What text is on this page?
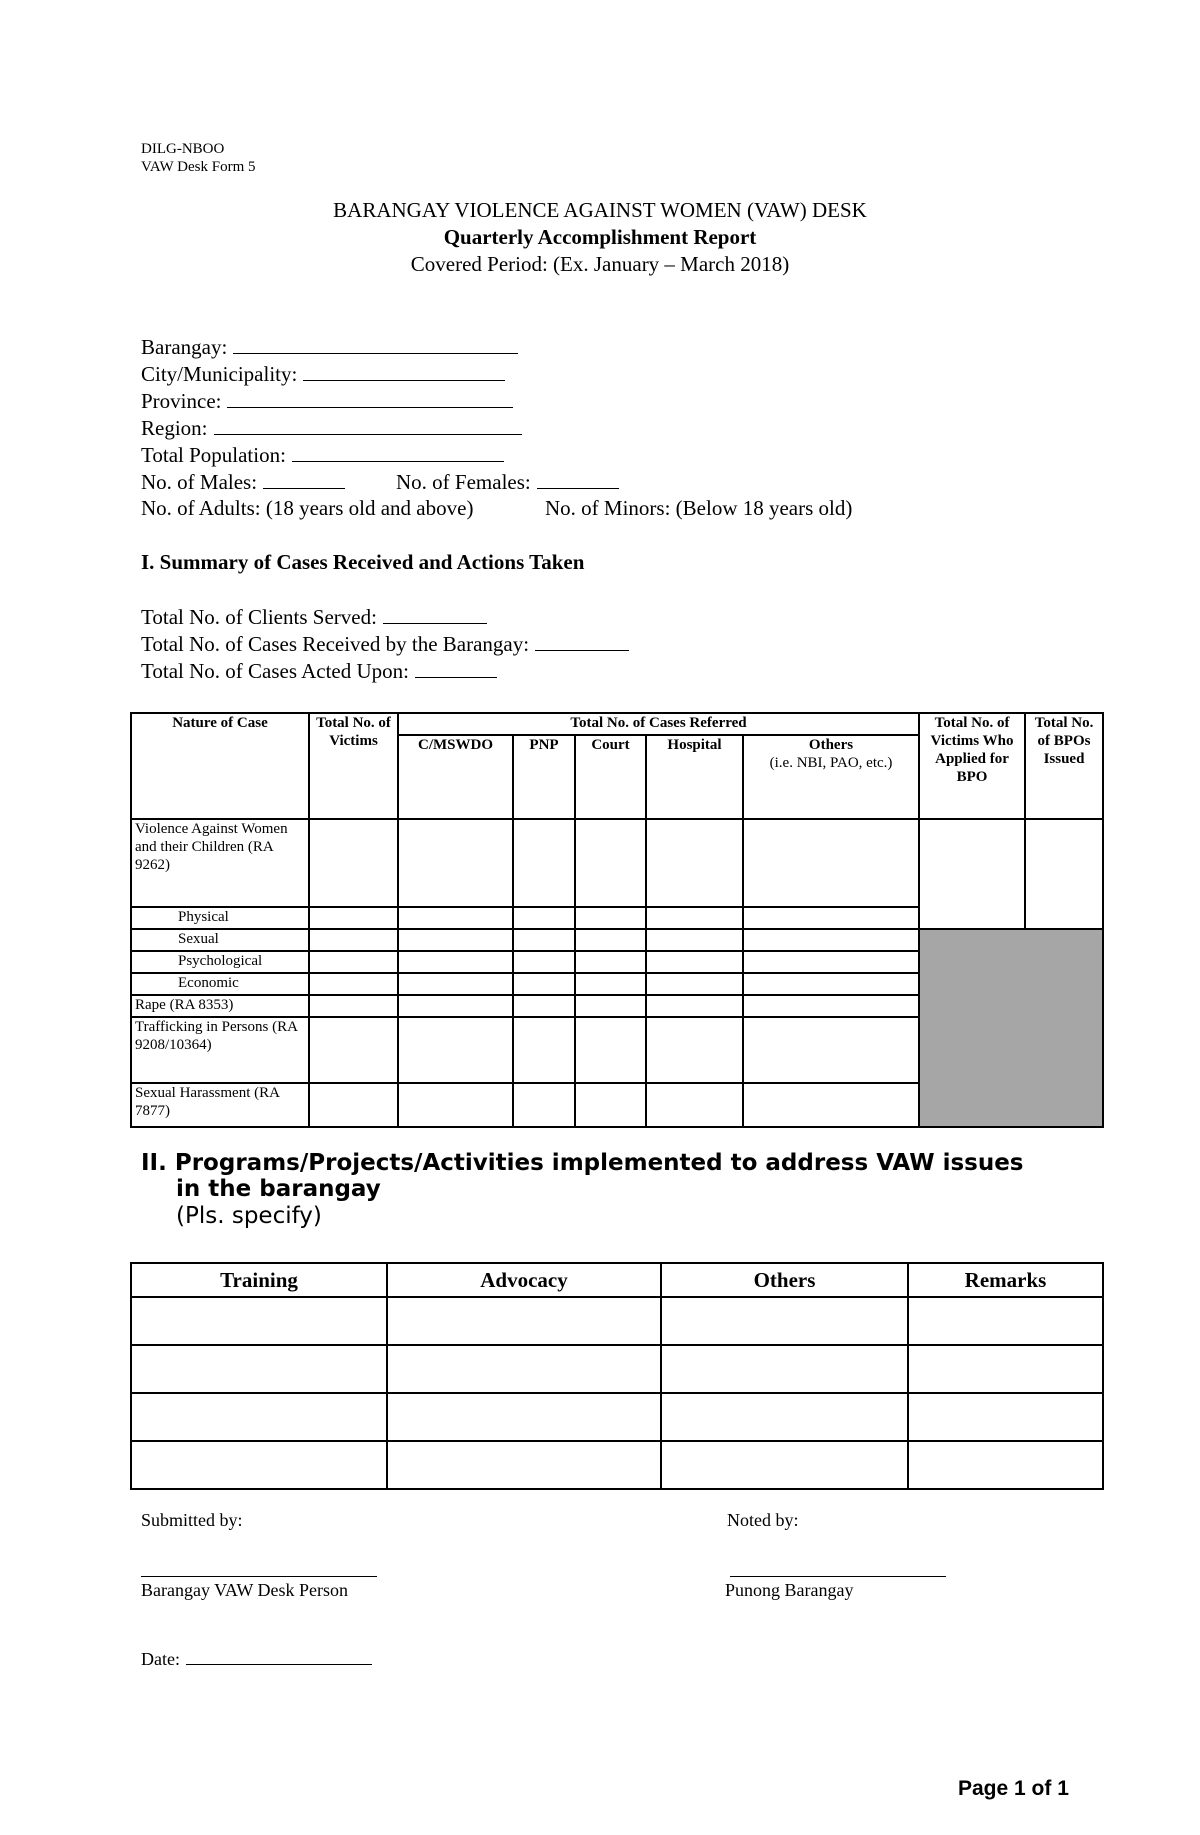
DILG-NBOO
VAW Desk Form 5
BARANGAY VIOLENCE AGAINST WOMEN (VAW) DESK
Quarterly Accomplishment Report
Covered Period: (Ex. January – March 2018)
Barangay:
City/Municipality:
Province:
Region:
Total Population:
No. of Males:	No. of Females:
No. of Adults: (18 years old and above)	No. of Minors: (Below 18 years old)
I. Summary of Cases Received and Actions Taken
Total No. of Clients Served:
Total No. of Cases Received by the Barangay:
Total No. of Cases Acted Upon:
Nature of Case	Total No. of Victims	Total No. of Cases Referred					Total No. of Victims Who Applied for BPO	Total No. of BPOs Issued
		C/MSWDO	PNP	Court	Hospital	Others
(i.e. NBI, PAO, etc.)		

Violence Against Women and their Children (RA 9262)								
Physical								
Sexual								
Psychological								
Economic								
Rape (RA 8353)								
Trafficking in Persons (RA 9208/10364)								
Sexual Harassment (RA 7877)								
II. Programs/Projects/Activities implemented to address VAW issues
in the barangay
(Pls. specify)
Training	Advocacy	Others	Remarks

Submitted by:	Noted by:
Barangay VAW Desk Person	Punong Barangay
Date:
Page 1 of 1
